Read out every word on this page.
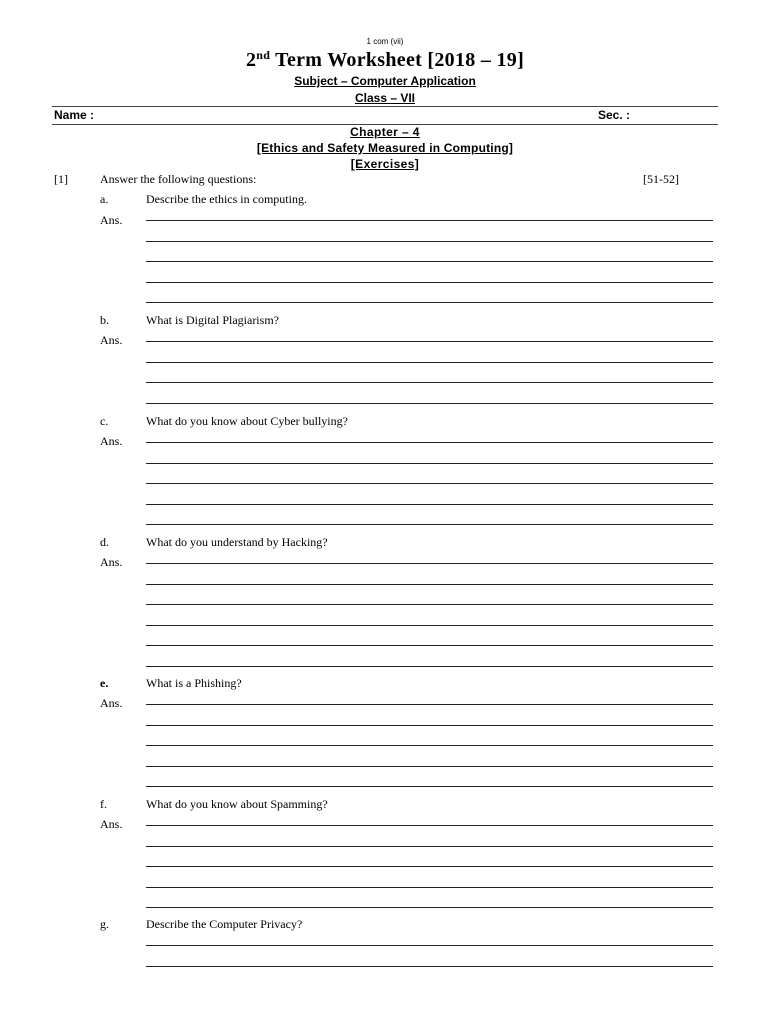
1 com (vii)
2nd Term Worksheet [2018 – 19]
Subject – Computer Application
Class – VII
Name :	Sec. :
Chapter – 4
[Ethics and Safety Measured in Computing]
[Exercises]
[1]	Answer the following questions:	[51-52]
a.	Describe the ethics in computing.
Ans.
b.	What is Digital Plagiarism?
Ans.
c.	What do you know about Cyber bullying?
Ans.
d.	What do you understand by Hacking?
Ans.
e.	What is a Phishing?
Ans.
f.	What do you know about Spamming?
Ans.
g.	Describe the Computer Privacy?
